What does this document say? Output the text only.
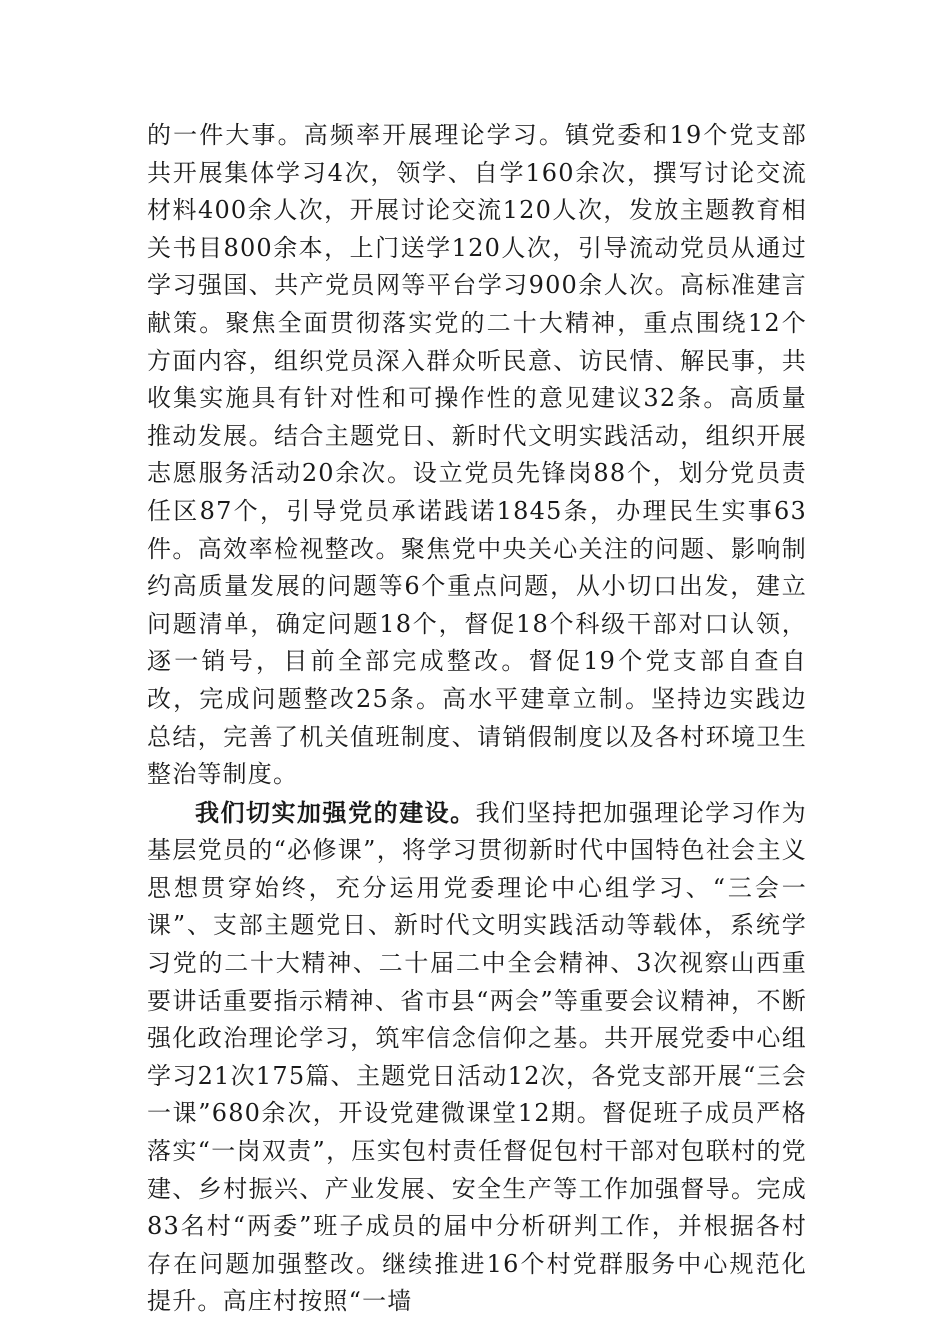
的一件大事。高频率开展理论学习。镇党委和19个党支部共开展集体学习4次，领学、自学160余次，撰写讨论交流材料400余人次，开展讨论交流120人次，发放主题教育相关书目800余本，上门送学120人次，引导流动党员从通过学习强国、共产党员网等平台学习900余人次。高标准建言献策。聚焦全面贯彻落实党的二十大精神，重点围绕12个方面内容，组织党员深入群众听民意、访民情、解民事，共收集实施具有针对性和可操作性的意见建议32条。高质量推动发展。结合主题党日、新时代文明实践活动，组织开展志愿服务活动20余次。设立党员先锋岗88个，划分党员责任区87个，引导党员承诺践诺1845条，办理民生实事63件。高效率检视整改。聚焦党中央关心关注的问题、影响制约高质量发展的问题等6个重点问题，从小切口出发，建立问题清单，确定问题18个，督促18个科级干部对口认领，逐一销号，目前全部完成整改。督促19个党支部自查自改，完成问题整改25条。高水平建章立制。坚持边实践边总结，完善了机关值班制度、请销假制度以及各村环境卫生整治等制度。

我们切实加强党的建设。我们坚持把加强理论学习作为基层党员的“必修课”，将学习贯彻新时代中国特色社会主义思想贯穿始终，充分运用党委理论中心组学习、“三会一课”、支部主题党日、新时代文明实践活动等载体，系统学习党的二十大精神、二十届二中全会精神、3次视察山西重要讲话重要指示精神、省市县“两会”等重要会议精神，不断强化政治理论学习，筑牢信念信仰之基。共开展党委中心组学习21次175篇、主题党日活动12次，各党支部开展“三会一课”680余次，开设党建微课堂12期。督促班子成员严格落实“一岗双责”，压实包村责任督促包村干部对包联村的党建、乡村振兴、产业发展、安全生产等工作加强督导。完成83名村“两委”班子成员的届中分析研判工作，并根据各村存在问题加强整改。继续推进16个村党群服务中心规范化提升。高庄村按照“一墙
